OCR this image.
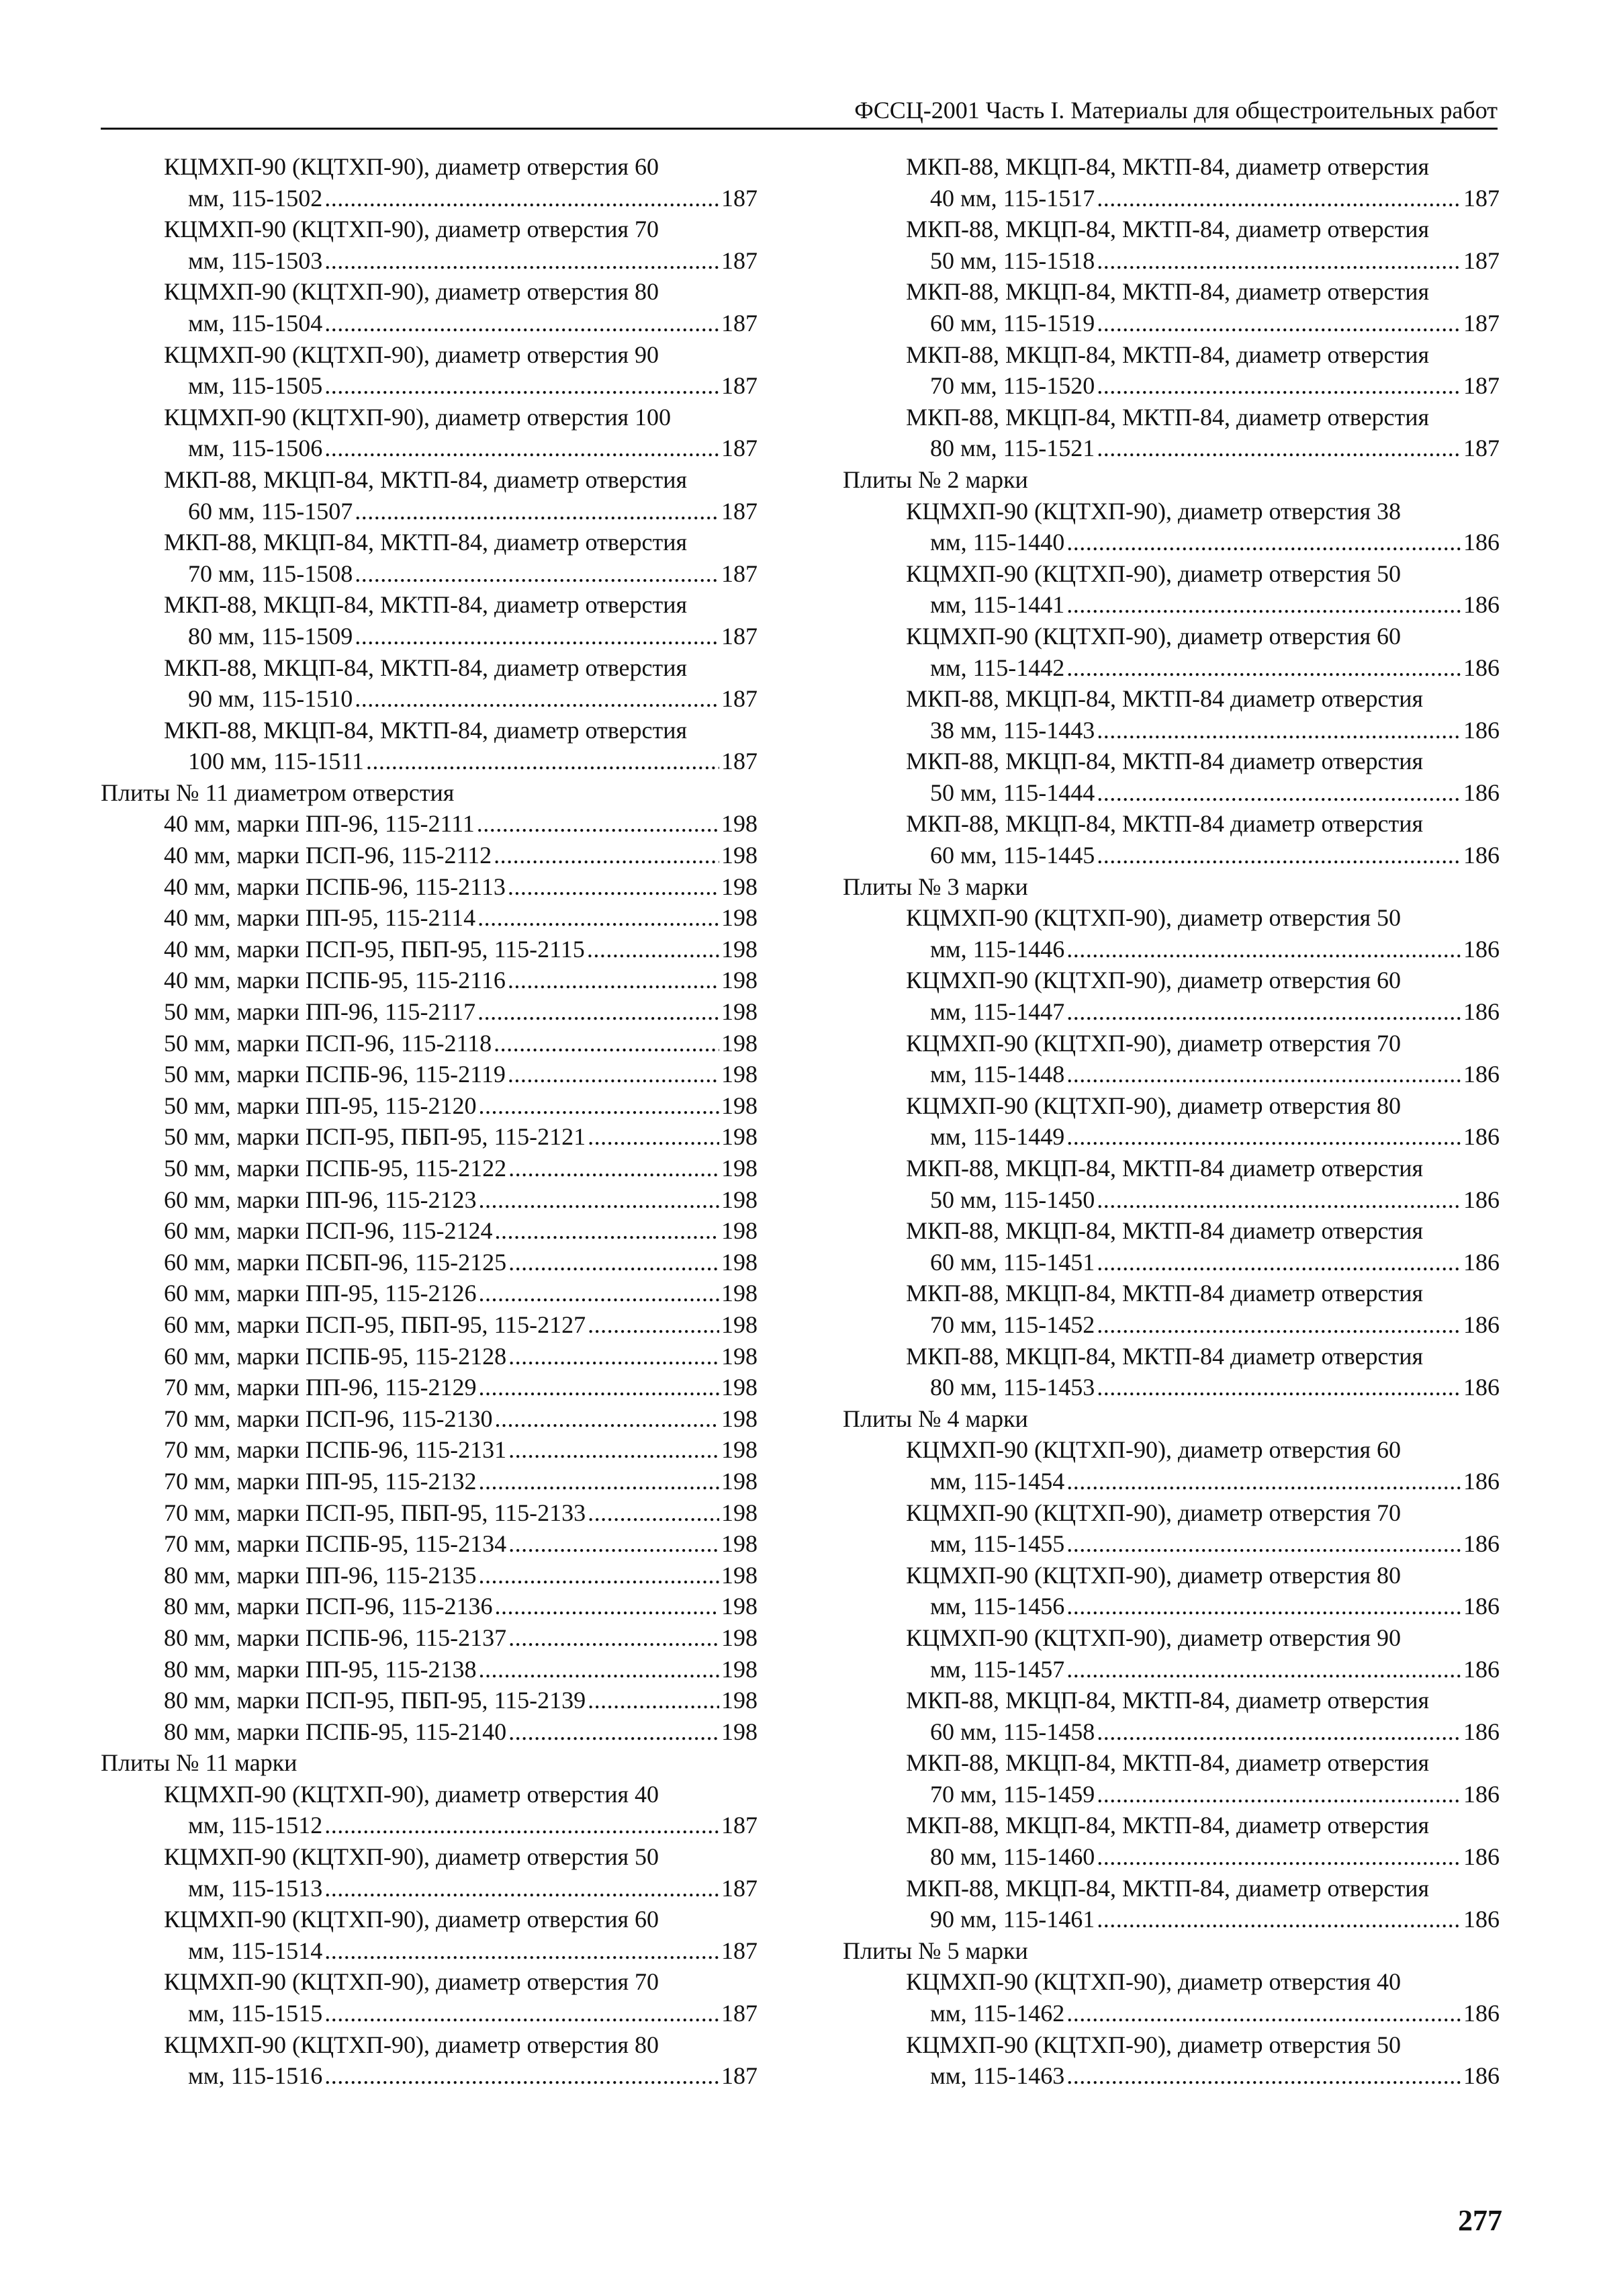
ФССЦ-2001 Часть I. Материалы для общестроительных работ
КЦМХП-90 (КЦТХП-90), диаметр отверстия 60
мм, 115-1502 .....	187
КЦМХП-90 (КЦТХП-90), диаметр отверстия 70
мм, 115-1503 .....	187
КЦМХП-90 (КЦТХП-90), диаметр отверстия 80
мм, 115-1504 .....	187
КЦМХП-90 (КЦТХП-90), диаметр отверстия 90
мм, 115-1505 .....	187
КЦМХП-90 (КЦТХП-90), диаметр отверстия 100
мм, 115-1506 .....	187
МКП-88, МКЦП-84, МКТП-84, диаметр отверстия
60 мм, 115-1507 .....	187
МКП-88, МКЦП-84, МКТП-84, диаметр отверстия
70 мм, 115-1508 .....	187
МКП-88, МКЦП-84, МКТП-84, диаметр отверстия
80 мм, 115-1509 .....	187
МКП-88, МКЦП-84, МКТП-84, диаметр отверстия
90 мм, 115-1510 .....	187
МКП-88, МКЦП-84, МКТП-84, диаметр отверстия
100 мм, 115-1511 .....	187
Плиты № 11 диаметром отверстия
40 мм, марки ПП-96, 115-2111 .....	198
40 мм, марки ПСП-96, 115-2112 .....	198
40 мм, марки ПСПБ-96, 115-2113 .....	198
40 мм, марки ПП-95, 115-2114 .....	198
40 мм, марки ПСП-95, ПБП-95, 115-2115 .....	198
40 мм, марки ПСПБ-95, 115-2116 .....	198
50 мм, марки ПП-96, 115-2117 .....	198
50 мм, марки ПСП-96, 115-2118 .....	198
50 мм, марки ПСПБ-96, 115-2119 .....	198
50 мм, марки ПП-95, 115-2120 .....	198
50 мм, марки ПСП-95, ПБП-95, 115-2121 .....	198
50 мм, марки ПСПБ-95, 115-2122 .....	198
60 мм, марки ПП-96, 115-2123 .....	198
60 мм, марки ПСП-96, 115-2124 .....	198
60 мм, марки ПСБП-96, 115-2125 .....	198
60 мм, марки ПП-95, 115-2126 .....	198
60 мм, марки ПСП-95, ПБП-95, 115-2127 .....	198
60 мм, марки ПСПБ-95, 115-2128 .....	198
70 мм, марки ПП-96, 115-2129 .....	198
70 мм, марки ПСП-96, 115-2130 .....	198
70 мм, марки ПСПБ-96, 115-2131 .....	198
70 мм, марки ПП-95, 115-2132 .....	198
70 мм, марки ПСП-95, ПБП-95, 115-2133 .....	198
70 мм, марки ПСПБ-95, 115-2134 .....	198
80 мм, марки ПП-96, 115-2135 .....	198
80 мм, марки ПСП-96, 115-2136 .....	198
80 мм, марки ПСПБ-96, 115-2137 .....	198
80 мм, марки ПП-95, 115-2138 .....	198
80 мм, марки ПСП-95, ПБП-95, 115-2139 .....	198
80 мм, марки ПСПБ-95, 115-2140 .....	198
Плиты № 11 марки
КЦМХП-90 (КЦТХП-90), диаметр отверстия 40
мм, 115-1512 .....	187
КЦМХП-90 (КЦТХП-90), диаметр отверстия 50
мм, 115-1513 .....	187
КЦМХП-90 (КЦТХП-90), диаметр отверстия 60
мм, 115-1514 .....	187
КЦМХП-90 (КЦТХП-90), диаметр отверстия 70
мм, 115-1515 .....	187
КЦМХП-90 (КЦТХП-90), диаметр отверстия 80
мм, 115-1516 .....	187
МКП-88, МКЦП-84, МКТП-84, диаметр отверстия
40 мм, 115-1517 .....	187
МКП-88, МКЦП-84, МКТП-84, диаметр отверстия
50 мм, 115-1518 .....	187
МКП-88, МКЦП-84, МКТП-84, диаметр отверстия
60 мм, 115-1519 .....	187
МКП-88, МКЦП-84, МКТП-84, диаметр отверстия
70 мм, 115-1520 .....	187
МКП-88, МКЦП-84, МКТП-84, диаметр отверстия
80 мм, 115-1521 .....	187
Плиты № 2 марки
КЦМХП-90 (КЦТХП-90), диаметр отверстия 38
мм, 115-1440 .....	186
КЦМХП-90 (КЦТХП-90), диаметр отверстия 50
мм, 115-1441 .....	186
КЦМХП-90 (КЦТХП-90), диаметр отверстия 60
мм, 115-1442 .....	186
МКП-88, МКЦП-84, МКТП-84 диаметр отверстия
38 мм, 115-1443 .....	186
МКП-88, МКЦП-84, МКТП-84 диаметр отверстия
50 мм, 115-1444 .....	186
МКП-88, МКЦП-84, МКТП-84 диаметр отверстия
60 мм, 115-1445 .....	186
Плиты № 3 марки
КЦМХП-90 (КЦТХП-90), диаметр отверстия 50
мм, 115-1446 .....	186
КЦМХП-90 (КЦТХП-90), диаметр отверстия 60
мм, 115-1447 .....	186
КЦМХП-90 (КЦТХП-90), диаметр отверстия 70
мм, 115-1448 .....	186
КЦМХП-90 (КЦТХП-90), диаметр отверстия 80
мм, 115-1449 .....	186
МКП-88, МКЦП-84, МКТП-84 диаметр отверстия
50 мм, 115-1450 .....	186
МКП-88, МКЦП-84, МКТП-84 диаметр отверстия
60 мм, 115-1451 .....	186
МКП-88, МКЦП-84, МКТП-84 диаметр отверстия
70 мм, 115-1452 .....	186
МКП-88, МКЦП-84, МКТП-84 диаметр отверстия
80 мм, 115-1453 .....	186
Плиты № 4 марки
КЦМХП-90 (КЦТХП-90), диаметр отверстия 60
мм, 115-1454 .....	186
КЦМХП-90 (КЦТХП-90), диаметр отверстия 70
мм, 115-1455 .....	186
КЦМХП-90 (КЦТХП-90), диаметр отверстия 80
мм, 115-1456 .....	186
КЦМХП-90 (КЦТХП-90), диаметр отверстия 90
мм, 115-1457 .....	186
МКП-88, МКЦП-84, МКТП-84, диаметр отверстия
60 мм, 115-1458 .....	186
МКП-88, МКЦП-84, МКТП-84, диаметр отверстия
70 мм, 115-1459 .....	186
МКП-88, МКЦП-84, МКТП-84, диаметр отверстия
80 мм, 115-1460 .....	186
МКП-88, МКЦП-84, МКТП-84, диаметр отверстия
90 мм, 115-1461 .....	186
Плиты № 5 марки
КЦМХП-90 (КЦТХП-90), диаметр отверстия 40
мм, 115-1462 .....	186
КЦМХП-90 (КЦТХП-90), диаметр отверстия 50
мм, 115-1463 .....	186
277
